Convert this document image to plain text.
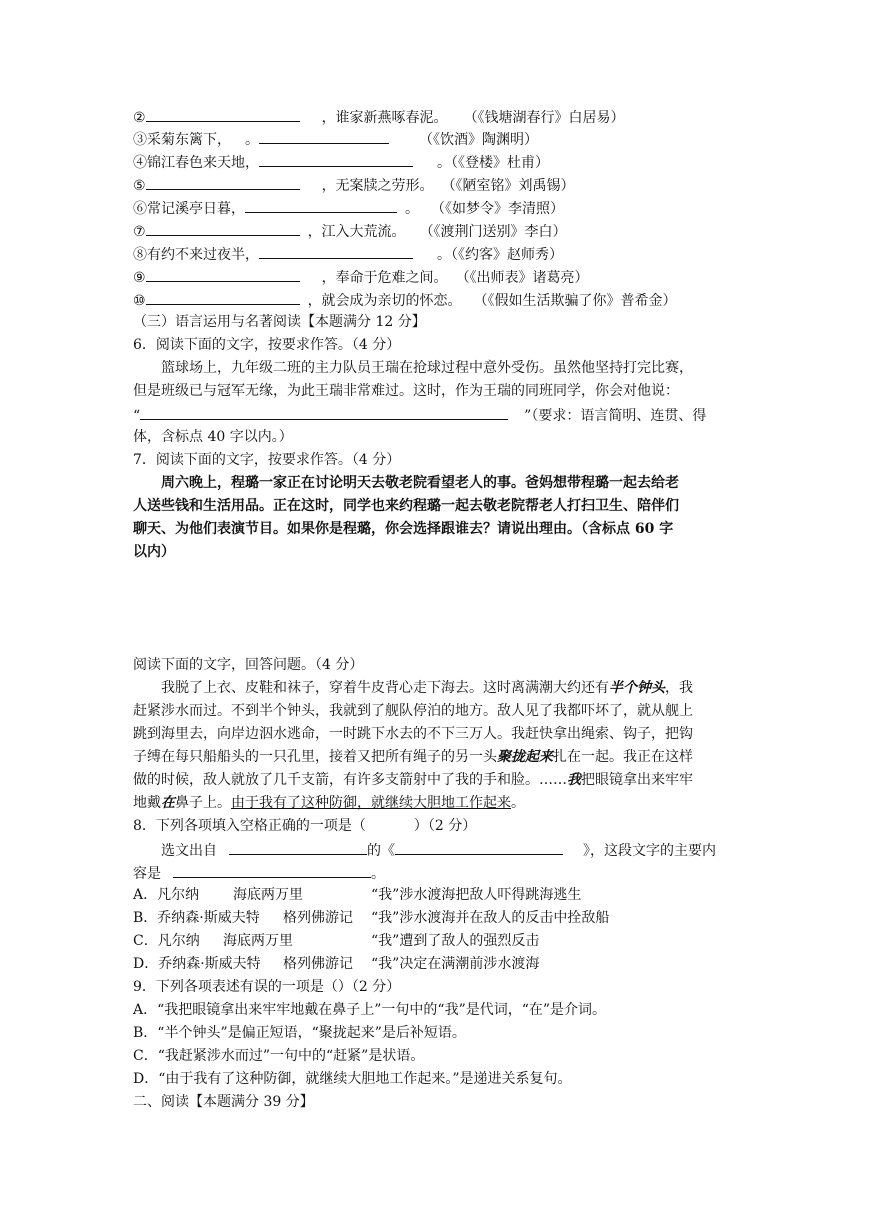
②	，谁家新燕啄春泥。 （《钱塘湖春行》白居易）
③采菊东篱下， 。	（《饮酒》陶渊明）
④锦江春色来天地，	。（《登楼》杜甫）
⑤	，无案牍之劳形。 （《陋室铭》刘禹锡）
⑥常记溪亭日暮，	。 （《如梦令》李清照）
⑦	，江入大荒流。 （《渡荆门送别》李白）
⑧有约不来过夜半，	。（《约客》赵师秀）
⑨	，奉命于危难之间。 （《出师表》诸葛亮）
⑩	，就会成为亲切的怀恋。 （《假如生活欺骗了你》普希金）
（三）语言运用与名著阅读【本题满分 12 分】
6．阅读下面的文字，按要求作答。（4 分）
篮球场上，九年级二班的主力队员王瑞在抢球过程中意外受伤。虽然他坚持打完比赛，
但是班级已与冠军无缘，为此王瑞非常难过。这时，作为王瑞的同班同学，你会对他说：
“	”（要求：语言简明、连贯、得
体，含标点 40 字以内。）
7．阅读下面的文字，按要求作答。（4 分）
周六晚上，程璐一家正在讨论明天去敬老院看望老人的事。爸妈想带程璐一起去给老
人送些钱和生活用品。正在这时，同学也来约程璐一起去敬老院帮老人打扫卫生、陪伴们
聊天、为他们表演节目。如果你是程璐，你会选择跟谁去？请说出理由。（含标点 60 字
以内）
阅读下面的文字，回答问题。（4 分）
我脱了上衣、皮鞋和袜子，穿着牛皮背心走下海去。这时离满潮大约还有半个钟头，我
赶紧涉水而过。不到半个钟头，我就到了舰队停泊的地方。敌人见了我都吓坏了，就从舰上
跳到海里去，向岸边泅水逃命，一时跳下水去的不下三万人。我赶快拿出绳索、钩子，把钩
子缚在每只船船头的一只孔里，接着又把所有绳子的另一头聚拢起来扎在一起。我正在这样
做的时候，敌人就放了几千支箭，有许多支箭射中了我的手和脸。……我把眼镜拿出来牢牢
地戴在鼻子上。由于我有了这种防御，就继续大胆地工作起来。
8．下列各项填入空格正确的一项是（	）（2 分）
选文出自	的《	》，这段文字的主要内
容是	。
A．凡尔纳 海底两万里	“我”涉水渡海把敌人吓得跳海逃生
B．乔纳森·斯威夫特 格列佛游记 “我”涉水渡海并在敌人的反击中拴敌船
C．凡尔纳 海底两万里	“我”遭到了敌人的强烈反击
D．乔纳森·斯威夫特 格列佛游记 “我”决定在满潮前涉水渡海
9．下列各项表述有误的一项是（）（2 分）
A．“我把眼镜拿出来牢牢地戴在鼻子上”一句中的“我”是代词，“在”是介词。
B．“半个钟头”是偏正短语，“聚拢起来”是后补短语。
C．“我赶紧涉水而过”一句中的“赶紧”是状语。
D．“由于我有了这种防御，就继续大胆地工作起来。”是递进关系复句。
二、阅读【本题满分 39 分】
